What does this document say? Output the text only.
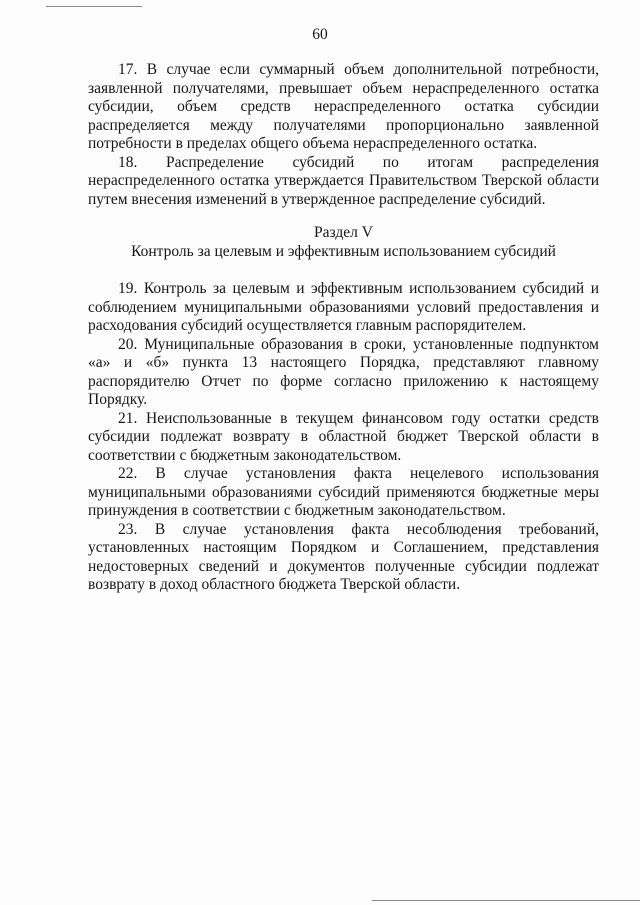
60

17. В случае если суммарный объем дополнительной потребности,
заявленной получателями, превышает объем нераспределенного остатка
субсидии, объем средств нераспределенного остатка субсидии
распределяется между получателями пропорционально заявленной
потребности в пределах общего объема нераспределенного остатка.

18. Распределение субсидий по итогам распределения
нераспределенного остатка утверждается Правительством Тверской области
путем внесения изменений в утвержденное распределение субсидий.

Раздел V
Контроль за целевым и эффективным использованием субсидий

19. Контроль за целевым и эффективным использованием субсидий и
соблюдением муниципальными образованиями условий предоставления и
расходования субсидий осуществляется главным распорядителем.

20. Муниципальные образования в сроки, установленные подпунктом
«а» и «б» пункта 13 настоящего Порядка, представляют главному
распорядителю Отчет по форме согласно приложению к настоящему
Порядку.

21. Неиспользованные в текущем финансовом году остатки средств
субсидии подлежат возврату в областной бюджет Тверской области в
соответствии с бюджетным законодательством.

22. В случае установления факта нецелевого использования
муниципальными образованиями субсидий применяются бюджетные меры
принуждения в соответствии с бюджетным законодательством.

23. В случае установления факта несоблюдения требований,
установленных настоящим Порядком и Соглашением, представления
недостоверных сведений и документов полученные субсидии подлежат
возврату в доход областного бюджета Тверской области.
